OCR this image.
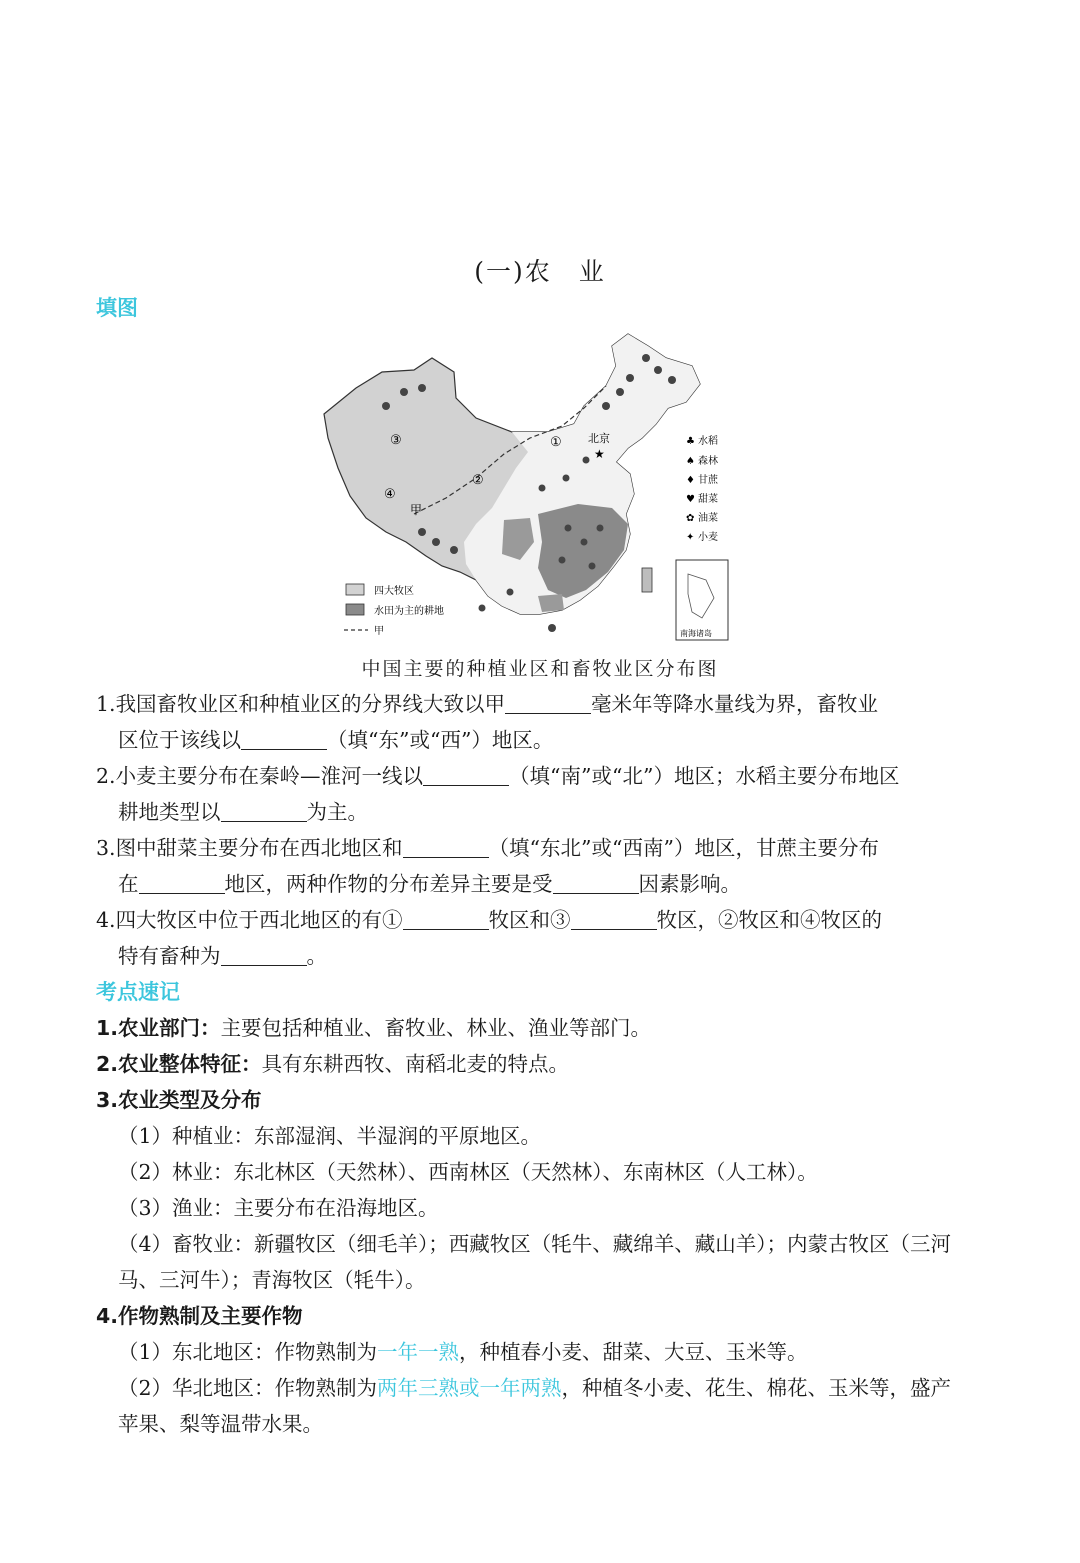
(一)农　业
填图
北京
★
①
②
③
④
甲
♣ 水稻
♠ 森林
♦ 甘蔗
♥ 甜菜
✿ 油菜
✦ 小麦
四大牧区
水田为主的耕地
甲	南海诸岛
中国主要的种植业区和畜牧业区分布图

1.我国畜牧业区和种植业区的分界线大致以甲	毫米年等降水量线为界，畜牧业

区位于该线以	（填“东”或“西”）地区。

2.小麦主要分布在秦岭—淮河一线以	（填“南”或“北”）地区；水稻主要分布地区

耕地类型以	为主。

3.图中甜菜主要分布在西北地区和	（填“东北”或“西南”）地区，甘蔗主要分布

在	地区，两种作物的分布差异主要是受	因素影响。

4.四大牧区中位于西北地区的有①	牧区和③	牧区，②牧区和④牧区的

特有畜种为	。

考点速记

1.农业部门：主要包括种植业、畜牧业、林业、渔业等部门。

2.农业整体特征：具有东耕西牧、南稻北麦的特点。

3.农业类型及分布

（1）种植业：东部湿润、半湿润的平原地区。

（2）林业：东北林区（天然林）、西南林区（天然林）、东南林区（人工林）。

（3）渔业：主要分布在沿海地区。

（4）畜牧业：新疆牧区（细毛羊）；西藏牧区（牦牛、藏绵羊、藏山羊）；内蒙古牧区（三河

马、三河牛）；青海牧区（牦牛）。

4.作物熟制及主要作物

（1）东北地区：作物熟制为一年一熟，种植春小麦、甜菜、大豆、玉米等。

（2）华北地区：作物熟制为两年三熟或一年两熟，种植冬小麦、花生、棉花、玉米等，盛产

苹果、梨等温带水果。
